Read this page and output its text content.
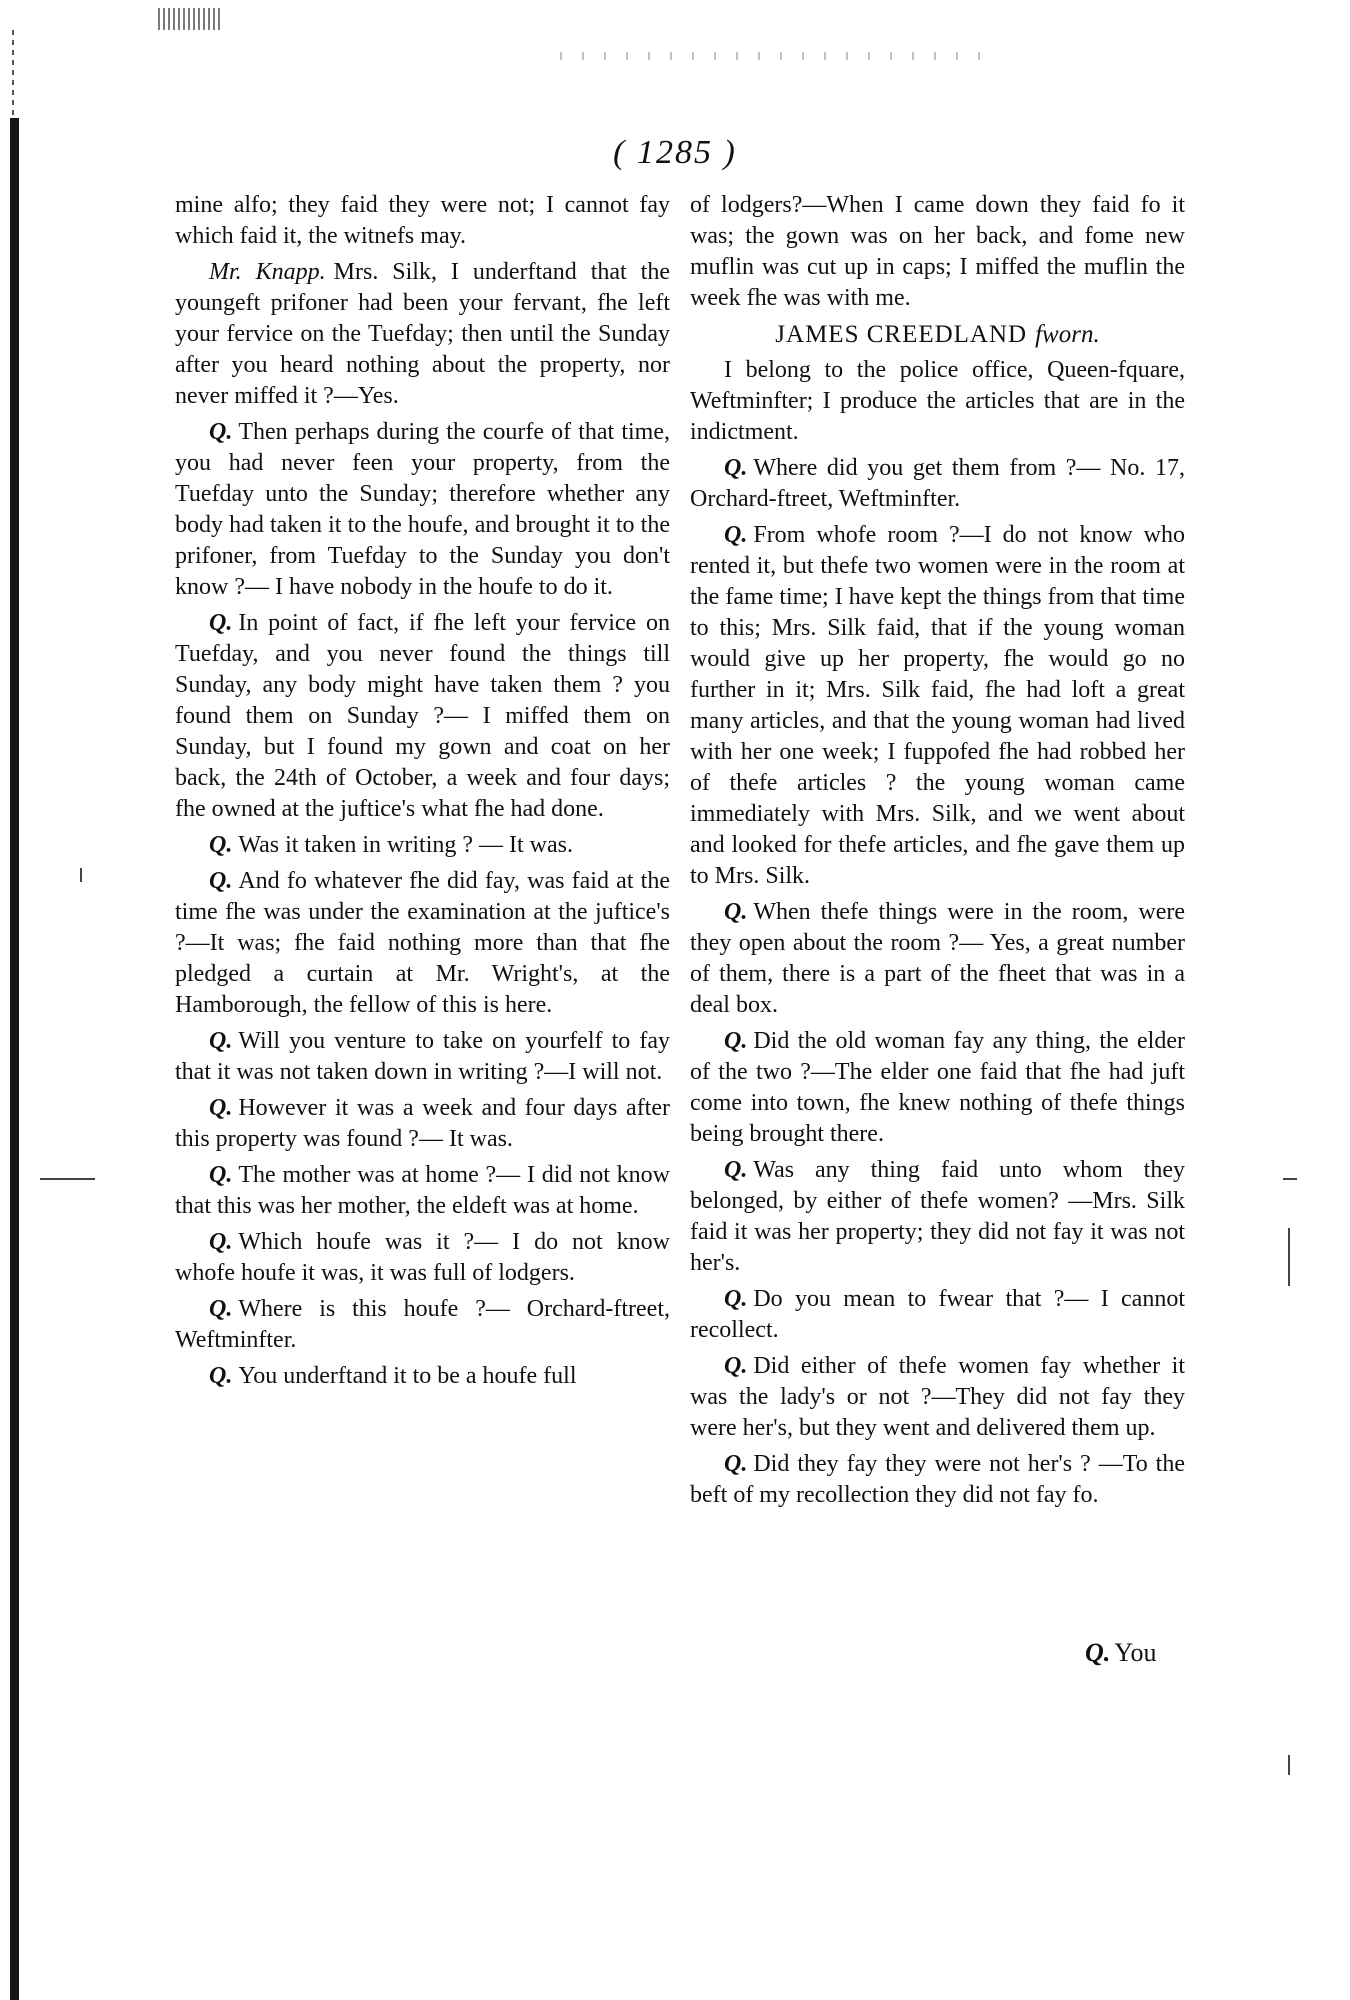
( 1285 )

mine alfo; they faid they were not; I cannot fay which faid it, the witnefs may.

Mr. Knapp. Mrs. Silk, I underftand that the youngeft prifoner had been your fervant, fhe left your fervice on the Tuefday; then until the Sunday after you heard nothing about the property, nor never miffed it ?—Yes.

Q. Then perhaps during the courfe of that time, you had never feen your property, from the Tuefday unto the Sunday; therefore whether any body had taken it to the houfe, and brought it to the prifoner, from Tuefday to the Sunday you don't know ?— I have nobody in the houfe to do it.

Q. In point of fact, if fhe left your fervice on Tuefday, and you never found the things till Sunday, any body might have taken them ? you found them on Sunday ?— I miffed them on Sunday, but I found my gown and coat on her back, the 24th of October, a week and four days; fhe owned at the juftice's what fhe had done.

Q. Was it taken in writing ? — It was.

Q. And fo whatever fhe did fay, was faid at the time fhe was under the examination at the juftice's ?—It was; fhe faid nothing more than that fhe pledged a curtain at Mr. Wright's, at the Hamborough, the fellow of this is here.

Q. Will you venture to take on yourfelf to fay that it was not taken down in writing ?—I will not.

Q. However it was a week and four days after this property was found ?— It was.

Q. The mother was at home ?— I did not know that this was her mother, the eldeft was at home.

Q. Which houfe was it ?— I do not know whofe houfe it was, it was full of lodgers.

Q. Where is this houfe ?— Orchard-ftreet, Weftminfter.

Q. You underftand it to be a houfe full

of lodgers?—When I came down they faid fo it was; the gown was on her back, and fome new muflin was cut up in caps; I miffed the muflin the week fhe was with me.

JAMES CREEDLAND fworn.

I belong to the police office, Queen-fquare, Weftminfter; I produce the articles that are in the indictment.

Q. Where did you get them from ?— No. 17, Orchard-ftreet, Weftminfter.

Q. From whofe room ?—I do not know who rented it, but thefe two women were in the room at the fame time; I have kept the things from that time to this; Mrs. Silk faid, that if the young woman would give up her property, fhe would go no further in it; Mrs. Silk faid, fhe had loft a great many articles, and that the young woman had lived with her one week; I fuppofed fhe had robbed her of thefe articles ? the young woman came immediately with Mrs. Silk, and we went about and looked for thefe articles, and fhe gave them up to Mrs. Silk.

Q. When thefe things were in the room, were they open about the room ?— Yes, a great number of them, there is a part of the fheet that was in a deal box.

Q. Did the old woman fay any thing, the elder of the two ?—The elder one faid that fhe had juft come into town, fhe knew nothing of thefe things being brought there.

Q. Was any thing faid unto whom they belonged, by either of thefe women? —Mrs. Silk faid it was her property; they did not fay it was not her's.

Q. Do you mean to fwear that ?— I cannot recollect.

Q. Did either of thefe women fay whether it was the lady's or not ?—They did not fay they were her's, but they went and delivered them up.

Q. Did they fay they were not her's ? —To the beft of my recollection they did not fay fo.

Q. You
